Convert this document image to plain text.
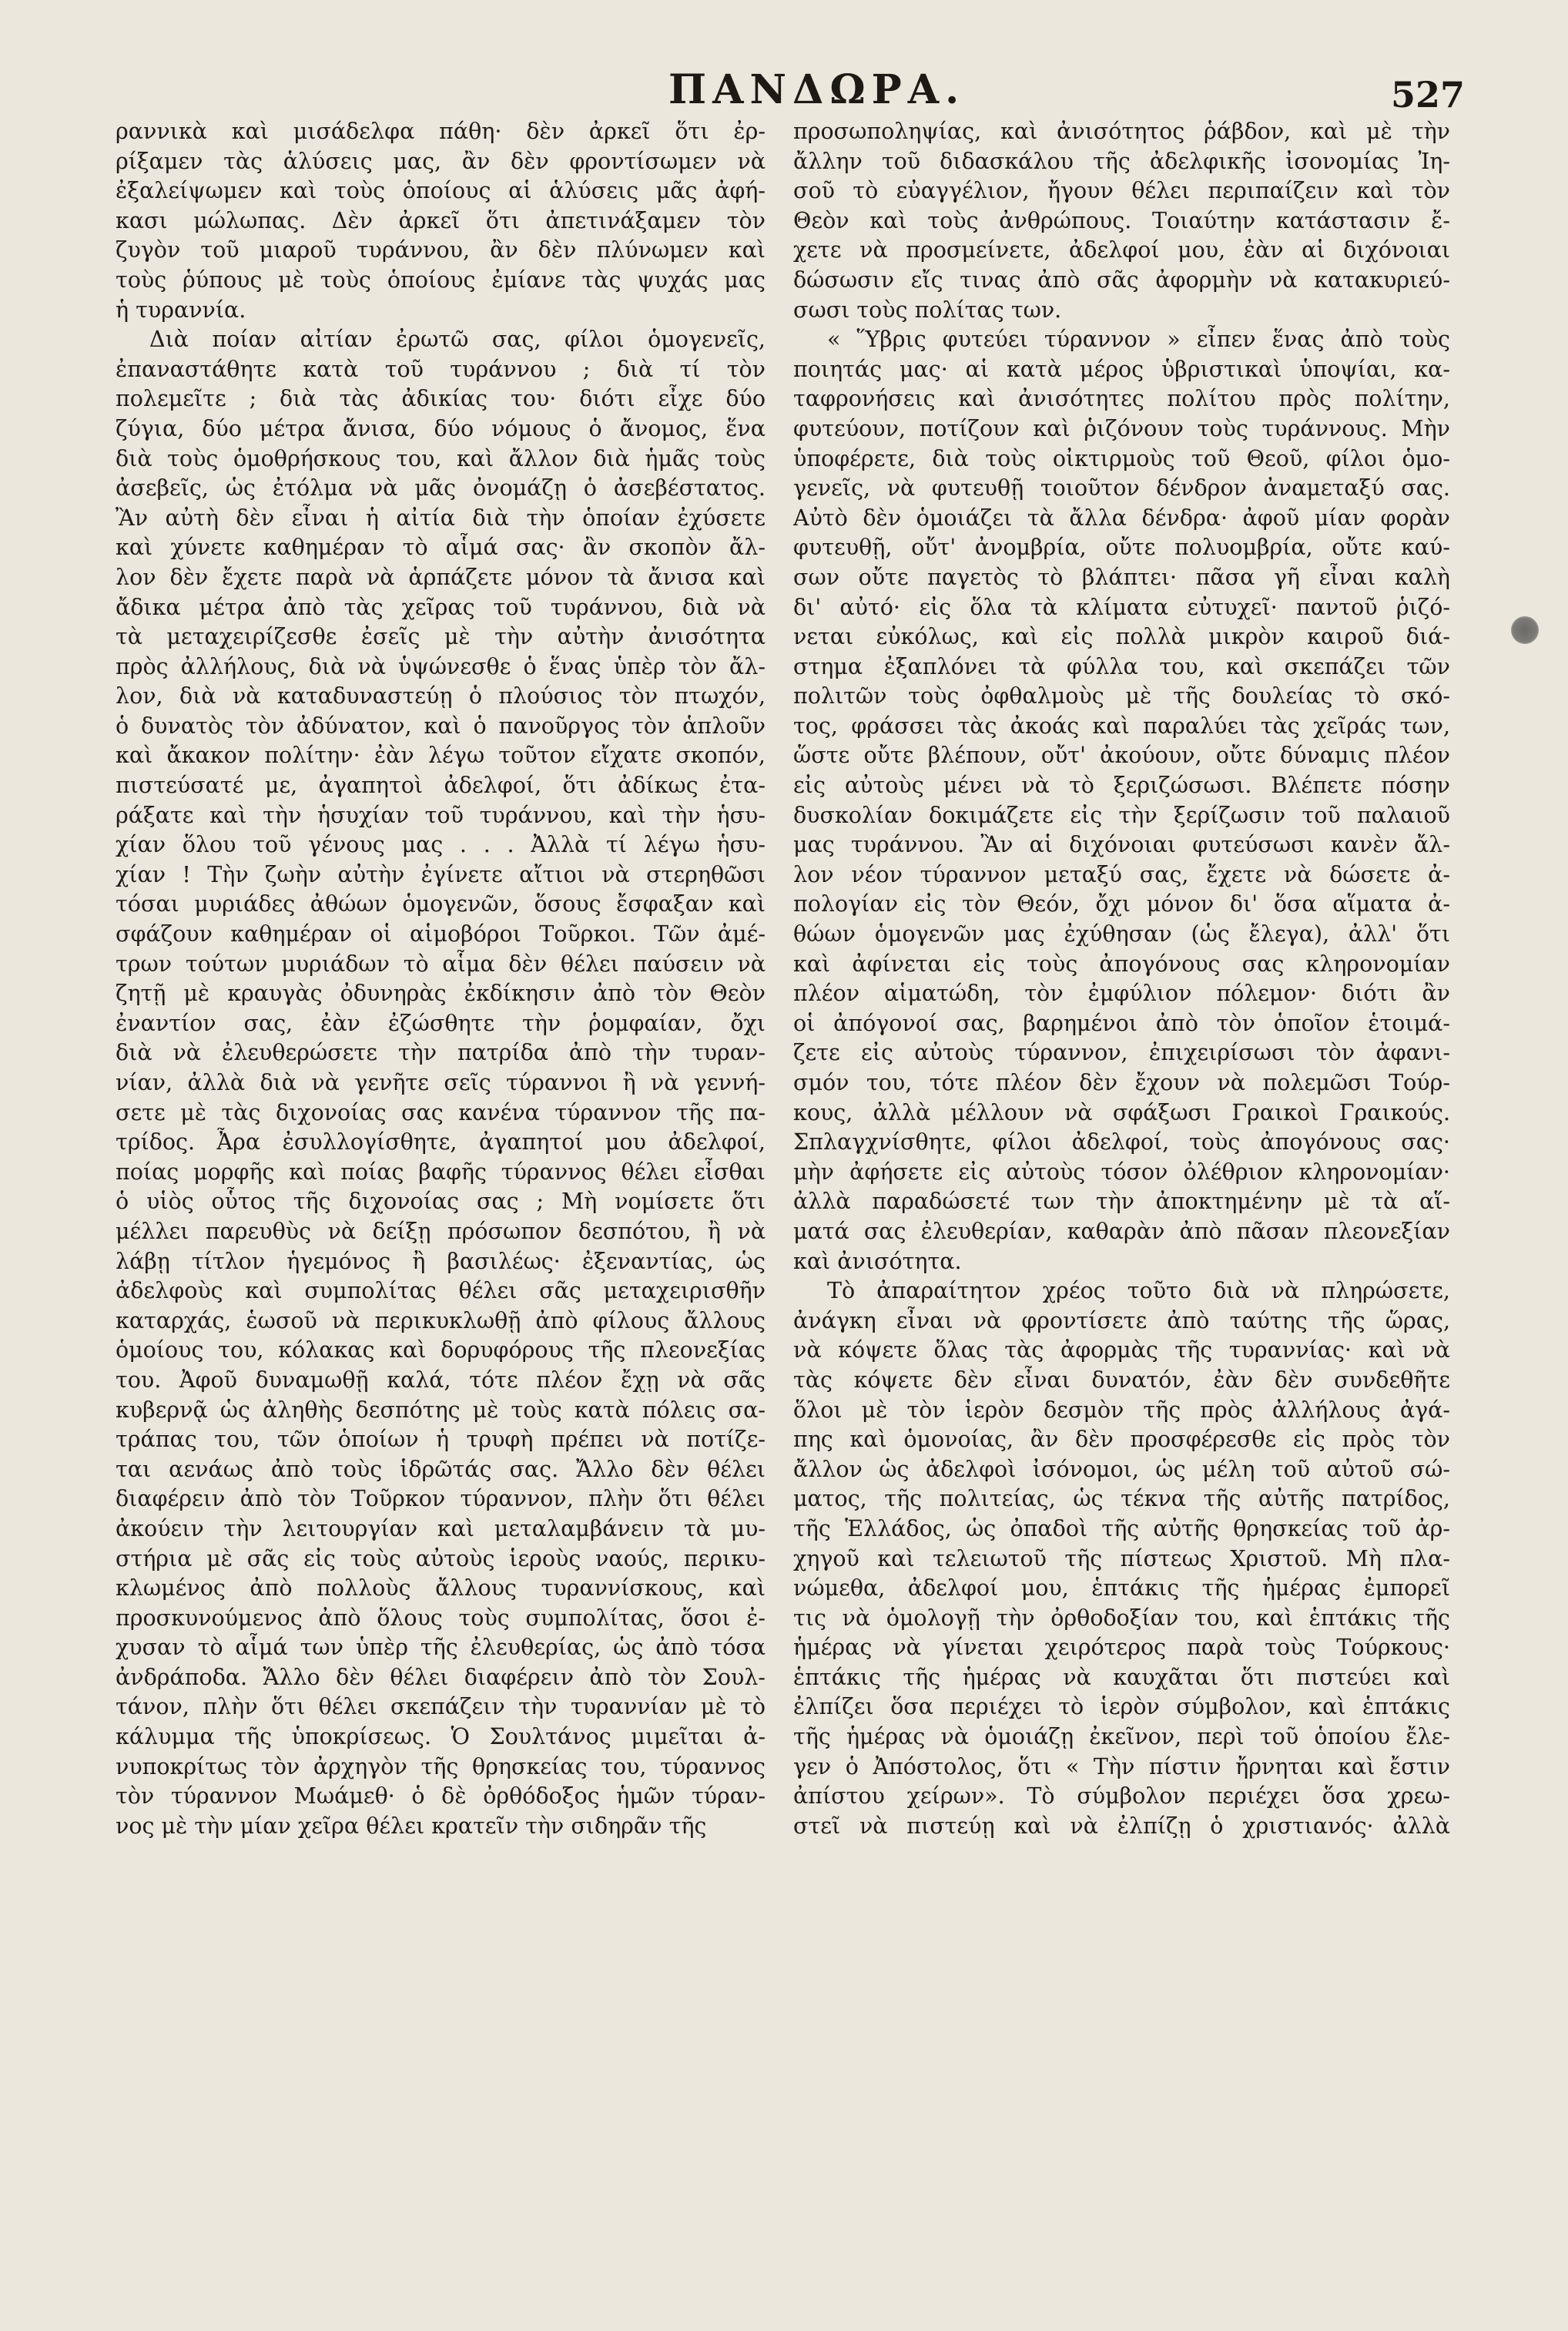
ΠΑΝΔΩΡΑ.	527
ραννικὰ καὶ μισάδελφα πάθη· δὲν ἀρκεῖ ὅτι ἐρ-
ρίξαμεν τὰς ἁλύσεις μας, ἂν δὲν φροντίσωμεν νὰ
ἐξαλείψωμεν καὶ τοὺς ὁποίους αἱ ἁλύσεις μᾶς ἀφή-
κασι μώλωπας. Δὲν ἀρκεῖ ὅτι ἀπετινάξαμεν τὸν
ζυγὸν τοῦ μιαροῦ τυράννου, ἂν δὲν πλύνωμεν καὶ
τοὺς ῥύπους μὲ τοὺς ὁποίους ἐμίανε τὰς ψυχάς μας
ἡ τυραννία.
Διὰ ποίαν αἰτίαν ἐρωτῶ σας, φίλοι ὁμογενεῖς,
ἐπαναστάθητε κατὰ τοῦ τυράννου ; διὰ τί τὸν
πολεμεῖτε ; διὰ τὰς ἀδικίας του· διότι εἶχε δύο
ζύγια, δύο μέτρα ἄνισα, δύο νόμους ὁ ἄνομος, ἕνα
διὰ τοὺς ὁμοθρήσκους του, καὶ ἄλλον διὰ ἡμᾶς τοὺς
ἀσεβεῖς, ὡς ἐτόλμα νὰ μᾶς ὀνομάζῃ ὁ ἀσεβέστατος.
Ἂν αὐτὴ δὲν εἶναι ἡ αἰτία διὰ τὴν ὁποίαν ἐχύσετε
καὶ χύνετε καθημέραν τὸ αἷμά σας· ἂν σκοπὸν ἄλ-
λον δὲν ἔχετε παρὰ νὰ ἁρπάζετε μόνον τὰ ἄνισα καὶ
ἄδικα μέτρα ἀπὸ τὰς χεῖρας τοῦ τυράννου, διὰ νὰ
τὰ μεταχειρίζεσθε ἐσεῖς μὲ τὴν αὐτὴν ἀνισότητα
πρὸς ἀλλήλους, διὰ νὰ ὑψώνεσθε ὁ ἕνας ὑπὲρ τὸν ἄλ-
λον, διὰ νὰ καταδυναστεύῃ ὁ πλούσιος τὸν πτωχόν,
ὁ δυνατὸς τὸν ἀδύνατον, καὶ ὁ πανοῦργος τὸν ἁπλοῦν
καὶ ἄκακον πολίτην· ἐὰν λέγω τοῦτον εἴχατε σκοπόν,
πιστεύσατέ με, ἀγαπητοὶ ἀδελφοί, ὅτι ἀδίκως ἐτα-
ράξατε καὶ τὴν ἡσυχίαν τοῦ τυράννου, καὶ τὴν ἡσυ-
χίαν ὅλου τοῦ γένους μας . . . Ἀλλὰ τί λέγω ἡσυ-
χίαν ! Τὴν ζωὴν αὐτὴν ἐγίνετε αἴτιοι νὰ στερηθῶσι
τόσαι μυριάδες ἀθώων ὁμογενῶν, ὅσους ἔσφαξαν καὶ
σφάζουν καθημέραν οἱ αἱμοβόροι Τοῦρκοι. Τῶν ἀμέ-
τρων τούτων μυριάδων τὸ αἷμα δὲν θέλει παύσειν νὰ
ζητῇ μὲ κραυγὰς ὀδυνηρὰς ἐκδίκησιν ἀπὸ τὸν Θεὸν
ἐναντίον σας, ἐὰν ἐζώσθητε τὴν ῥομφαίαν, ὄχι
διὰ νὰ ἐλευθερώσετε τὴν πατρίδα ἀπὸ τὴν τυραν-
νίαν, ἀλλὰ διὰ νὰ γενῆτε σεῖς τύραννοι ἢ νὰ γεννή-
σετε μὲ τὰς διχονοίας σας κανένα τύραννον τῆς πα-
τρίδος. Ἆρα ἐσυλλογίσθητε, ἀγαπητοί μου ἀδελφοί,
ποίας μορφῆς καὶ ποίας βαφῆς τύραννος θέλει εἶσθαι
ὁ υἱὸς οὗτος τῆς διχονοίας σας ; Μὴ νομίσετε ὅτι
μέλλει παρευθὺς νὰ δείξῃ πρόσωπον δεσπότου, ἢ νὰ
λάβῃ τίτλον ἡγεμόνος ἢ βασιλέως· ἐξεναντίας, ὡς
ἀδελφοὺς καὶ συμπολίτας θέλει σᾶς μεταχειρισθῆν
καταρχάς, ἑωσοῦ νὰ περικυκλωθῇ ἀπὸ φίλους ἄλλους
ὁμοίους του, κόλακας καὶ δορυφόρους τῆς πλεονεξίας
του. Ἀφοῦ δυναμωθῇ καλά, τότε πλέον ἔχῃ νὰ σᾶς
κυβερνᾷ ὡς ἀληθὴς δεσπότης μὲ τοὺς κατὰ πόλεις σα-
τράπας του, τῶν ὁποίων ἡ τρυφὴ πρέπει νὰ ποτίζε-
ται αενάως ἀπὸ τοὺς ἱδρῶτάς σας. Ἄλλο δὲν θέλει
διαφέρειν ἀπὸ τὸν Τοῦρκον τύραννον, πλὴν ὅτι θέλει
ἀκούειν τὴν λειτουργίαν καὶ μεταλαμβάνειν τὰ μυ-
στήρια μὲ σᾶς εἰς τοὺς αὐτοὺς ἱεροὺς ναούς, περικυ-
κλωμένος ἀπὸ πολλοὺς ἄλλους τυραννίσκους, καὶ
προσκυνούμενος ἀπὸ ὅλους τοὺς συμπολίτας, ὅσοι ἐ-
χυσαν τὸ αἷμά των ὑπὲρ τῆς ἐλευθερίας, ὡς ἀπὸ τόσα
ἀνδράποδα. Ἄλλο δὲν θέλει διαφέρειν ἀπὸ τὸν Σουλ-
τάνον, πλὴν ὅτι θέλει σκεπάζειν τὴν τυραννίαν μὲ τὸ
κάλυμμα τῆς ὑποκρίσεως. Ὁ Σουλτάνος μιμεῖται ἀ-
νυποκρίτως τὸν ἀρχηγὸν τῆς θρησκείας του, τύραννος
τὸν τύραννον Μωάμεθ· ὁ δὲ ὀρθόδοξος ἡμῶν τύραν-
νος μὲ τὴν μίαν χεῖρα θέλει κρατεῖν τὴν σιδηρᾶν τῆς
προσωποληψίας, καὶ ἀνισότητος ῥάβδον, καὶ μὲ τὴν
ἄλλην τοῦ διδασκάλου τῆς ἀδελφικῆς ἰσονομίας Ἰη-
σοῦ τὸ εὐαγγέλιον, ἤγουν θέλει περιπαίζειν καὶ τὸν
Θεὸν καὶ τοὺς ἀνθρώπους. Τοιαύτην κατάστασιν ἔ-
χετε νὰ προσμείνετε, ἀδελφοί μου, ἐὰν αἱ διχόνοιαι
δώσωσιν εἴς τινας ἀπὸ σᾶς ἀφορμὴν νὰ κατακυριεύ-
σωσι τοὺς πολίτας των.
« Ὕβρις φυτεύει τύραννον » εἶπεν ἕνας ἀπὸ τοὺς
ποιητάς μας· αἱ κατὰ μέρος ὑβριστικαὶ ὑποψίαι, κα-
ταφρονήσεις καὶ ἀνισότητες πολίτου πρὸς πολίτην,
φυτεύουν, ποτίζουν καὶ ῥιζόνουν τοὺς τυράννους. Μὴν
ὑποφέρετε, διὰ τοὺς οἰκτιρμοὺς τοῦ Θεοῦ, φίλοι ὁμο-
γενεῖς, νὰ φυτευθῇ τοιοῦτον δένδρον ἀναμεταξύ σας.
Αὐτὸ δὲν ὁμοιάζει τὰ ἄλλα δένδρα· ἀφοῦ μίαν φορὰν
φυτευθῇ, οὔτ' ἀνομβρία, οὔτε πολυομβρία, οὔτε καύ-
σων οὔτε παγετὸς τὸ βλάπτει· πᾶσα γῆ εἶναι καλὴ
δι' αὐτό· εἰς ὅλα τὰ κλίματα εὐτυχεῖ· παντοῦ ῥιζό-
νεται εὐκόλως, καὶ εἰς πολλὰ μικρὸν καιροῦ διά-
στημα ἐξαπλόνει τὰ φύλλα του, καὶ σκεπάζει τῶν
πολιτῶν τοὺς ὀφθαλμοὺς μὲ τῆς δουλείας τὸ σκό-
τος, φράσσει τὰς ἀκοάς καὶ παραλύει τὰς χεῖράς των,
ὥστε οὔτε βλέπουν, οὔτ' ἀκούουν, οὔτε δύναμις πλέον
εἰς αὐτοὺς μένει νὰ τὸ ξεριζώσωσι. Βλέπετε πόσην
δυσκολίαν δοκιμάζετε εἰς τὴν ξερίζωσιν τοῦ παλαιοῦ
μας τυράννου. Ἂν αἱ διχόνοιαι φυτεύσωσι κανὲν ἄλ-
λον νέον τύραννον μεταξύ σας, ἔχετε νὰ δώσετε ἀ-
πολογίαν εἰς τὸν Θεόν, ὄχι μόνον δι' ὅσα αἵματα ἀ-
θώων ὁμογενῶν μας ἐχύθησαν (ὡς ἔλεγα), ἀλλ' ὅτι
καὶ ἀφίνεται εἰς τοὺς ἀπογόνους σας κληρονομίαν
πλέον αἱματώδη, τὸν ἐμφύλιον πόλεμον· διότι ἂν
οἱ ἀπόγονοί σας, βαρημένοι ἀπὸ τὸν ὁποῖον ἑτοιμά-
ζετε εἰς αὐτοὺς τύραννον, ἐπιχειρίσωσι τὸν ἀφανι-
σμόν του, τότε πλέον δὲν ἔχουν νὰ πολεμῶσι Τούρ-
κους, ἀλλὰ μέλλουν νὰ σφάξωσι Γραικοὶ Γραικούς.
Σπλαγχνίσθητε, φίλοι ἀδελφοί, τοὺς ἀπογόνους σας·
μὴν ἀφήσετε εἰς αὐτοὺς τόσον ὀλέθριον κληρονομίαν·
ἀλλὰ παραδώσετέ των τὴν ἀποκτημένην μὲ τὰ αἵ-
ματά σας ἐλευθερίαν, καθαρὰν ἀπὸ πᾶσαν πλεονεξίαν
καὶ ἀνισότητα.
Τὸ ἀπαραίτητον χρέος τοῦτο διὰ νὰ πληρώσετε,
ἀνάγκη εἶναι νὰ φροντίσετε ἀπὸ ταύτης τῆς ὥρας,
νὰ κόψετε ὅλας τὰς ἀφορμὰς τῆς τυραννίας· καὶ νὰ
τὰς κόψετε δὲν εἶναι δυνατόν, ἐὰν δὲν συνδεθῆτε
ὅλοι μὲ τὸν ἱερὸν δεσμὸν τῆς πρὸς ἀλλήλους ἀγά-
πης καὶ ὁμονοίας, ἂν δὲν προσφέρεσθε εἰς πρὸς τὸν
ἄλλον ὡς ἀδελφοὶ ἰσόνομοι, ὡς μέλη τοῦ αὐτοῦ σώ-
ματος, τῆς πολιτείας, ὡς τέκνα τῆς αὐτῆς πατρίδος,
τῆς Ἑλλάδος, ὡς ὀπαδοὶ τῆς αὐτῆς θρησκείας τοῦ ἀρ-
χηγοῦ καὶ τελειωτοῦ τῆς πίστεως Χριστοῦ. Μὴ πλα-
νώμεθα, ἀδελφοί μου, ἑπτάκις τῆς ἡμέρας ἐμπορεῖ
τις νὰ ὁμολογῇ τὴν ὀρθοδοξίαν του, καὶ ἑπτάκις τῆς
ἡμέρας νὰ γίνεται χειρότερος παρὰ τοὺς Τούρκους·
ἑπτάκις τῆς ἡμέρας νὰ καυχᾶται ὅτι πιστεύει καὶ
ἐλπίζει ὅσα περιέχει τὸ ἱερὸν σύμβολον, καὶ ἑπτάκις
τῆς ἡμέρας νὰ ὁμοιάζῃ ἐκεῖνον, περὶ τοῦ ὁποίου ἔλε-
γεν ὁ Ἀπόστολος, ὅτι « Τὴν πίστιν ἤρνηται καὶ ἔστιν
ἀπίστου χείρων». Τὸ σύμβολον περιέχει ὅσα χρεω-
στεῖ νὰ πιστεύῃ καὶ νὰ ἐλπίζῃ ὁ χριστιανός· ἀλλὰ
